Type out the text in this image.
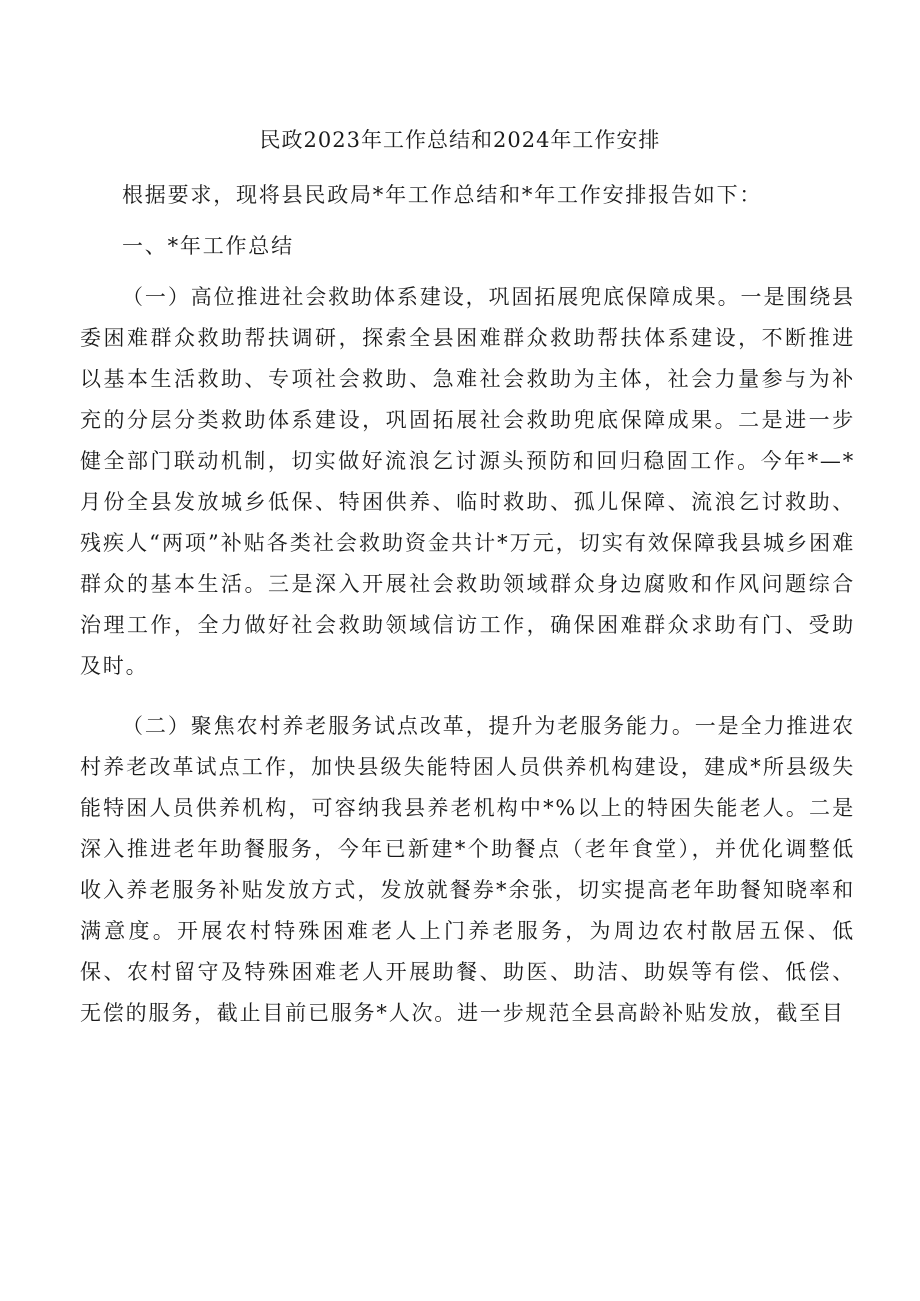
民政2023年工作总结和2024年工作安排

根据要求，现将县民政局*年工作总结和*年工作安排报告如下：

一、*年工作总结

（一）高位推进社会救助体系建设，巩固拓展兜底保障成果。一是围绕县委困难群众救助帮扶调研，探索全县困难群众救助帮扶体系建设，不断推进以基本生活救助、专项社会救助、急难社会救助为主体，社会力量参与为补充的分层分类救助体系建设，巩固拓展社会救助兜底保障成果。二是进一步健全部门联动机制，切实做好流浪乞讨源头预防和回归稳固工作。今年*—*月份全县发放城乡低保、特困供养、临时救助、孤儿保障、流浪乞讨救助、残疾人“两项”补贴各类社会救助资金共计*万元，切实有效保障我县城乡困难群众的基本生活。三是深入开展社会救助领域群众身边腐败和作风问题综合治理工作，全力做好社会救助领域信访工作，确保困难群众求助有门、受助及时。

（二）聚焦农村养老服务试点改革，提升为老服务能力。一是全力推进农村养老改革试点工作，加快县级失能特困人员供养机构建设，建成*所县级失能特困人员供养机构，可容纳我县养老机构中*%以上的特困失能老人。二是深入推进老年助餐服务，今年已新建*个助餐点（老年食堂），并优化调整低收入养老服务补贴发放方式，发放就餐券*余张，切实提高老年助餐知晓率和满意度。开展农村特殊困难老人上门养老服务，为周边农村散居五保、低保、农村留守及特殊困难老人开展助餐、助医、助洁、助娱等有偿、低偿、无偿的服务，截止目前已服务*人次。进一步规范全县高龄补贴发放，截至目
